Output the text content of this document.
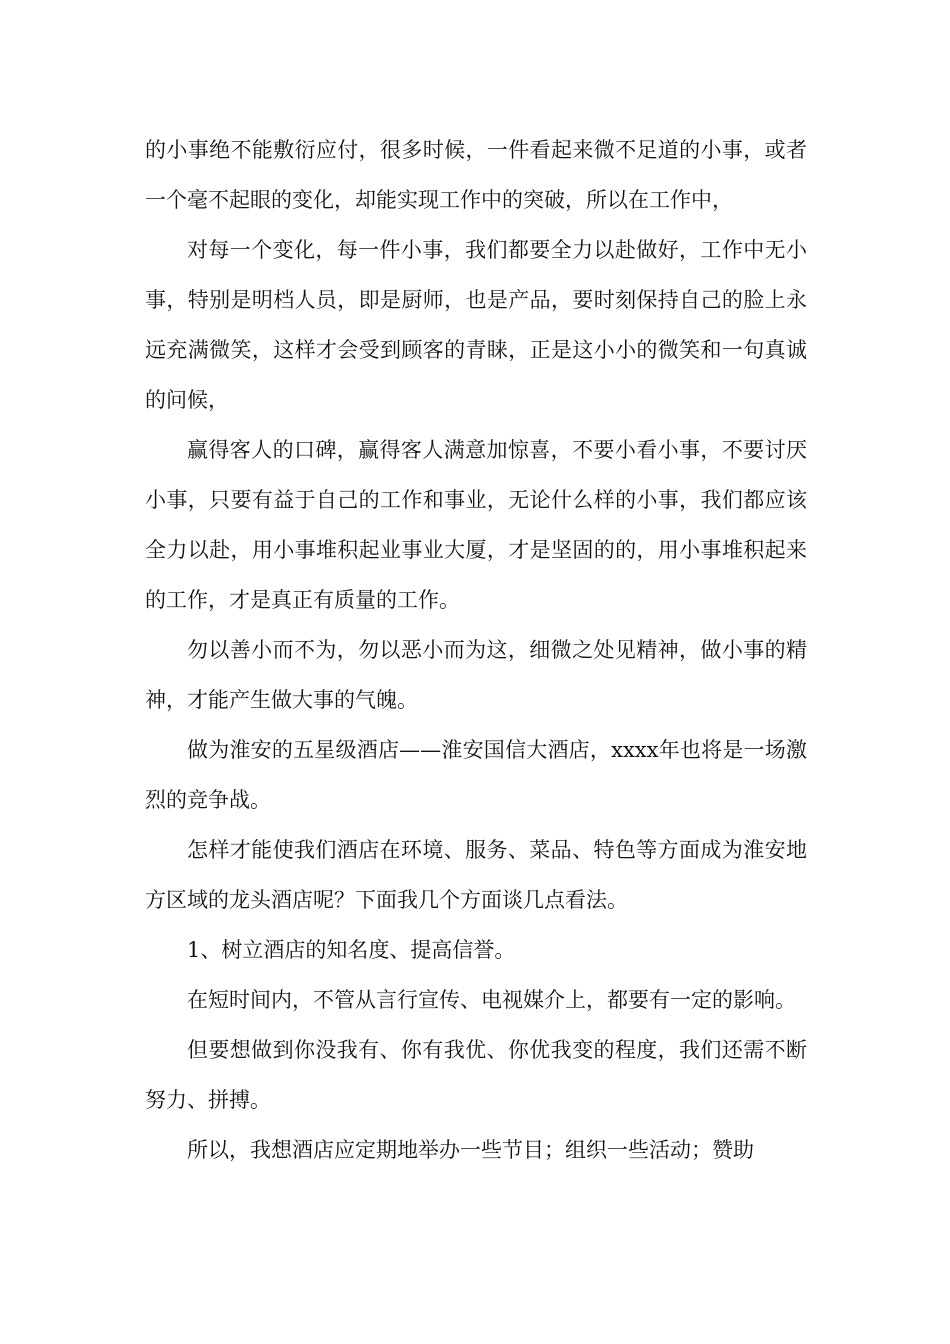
的小事绝不能敷衍应付，很多时候，一件看起来微不足道的小事，或者一个毫不起眼的变化，却能实现工作中的突破，所以在工作中，

对每一个变化，每一件小事，我们都要全力以赴做好，工作中无小事，特别是明档人员，即是厨师，也是产品，要时刻保持自己的脸上永远充满微笑，这样才会受到顾客的青睐，正是这小小的微笑和一句真诚的问候，

赢得客人的口碑，赢得客人满意加惊喜，不要小看小事，不要讨厌小事，只要有益于自己的工作和事业，无论什么样的小事，我们都应该全力以赴，用小事堆积起业事业大厦，才是坚固的的，用小事堆积起来的工作，才是真正有质量的工作。

勿以善小而不为，勿以恶小而为这，细微之处见精神，做小事的精神，才能产生做大事的气魄。

做为淮安的五星级酒店——淮安国信大酒店，xxxx年也将是一场激烈的竞争战。

怎样才能使我们酒店在环境、服务、菜品、特色等方面成为淮安地方区域的龙头酒店呢？下面我几个方面谈几点看法。

1、树立酒店的知名度、提高信誉。

在短时间内，不管从言行宣传、电视媒介上，都要有一定的影响。

但要想做到你没我有、你有我优、你优我变的程度，我们还需不断努力、拼搏。

所以，我想酒店应定期地举办一些节目；组织一些活动；赞助
